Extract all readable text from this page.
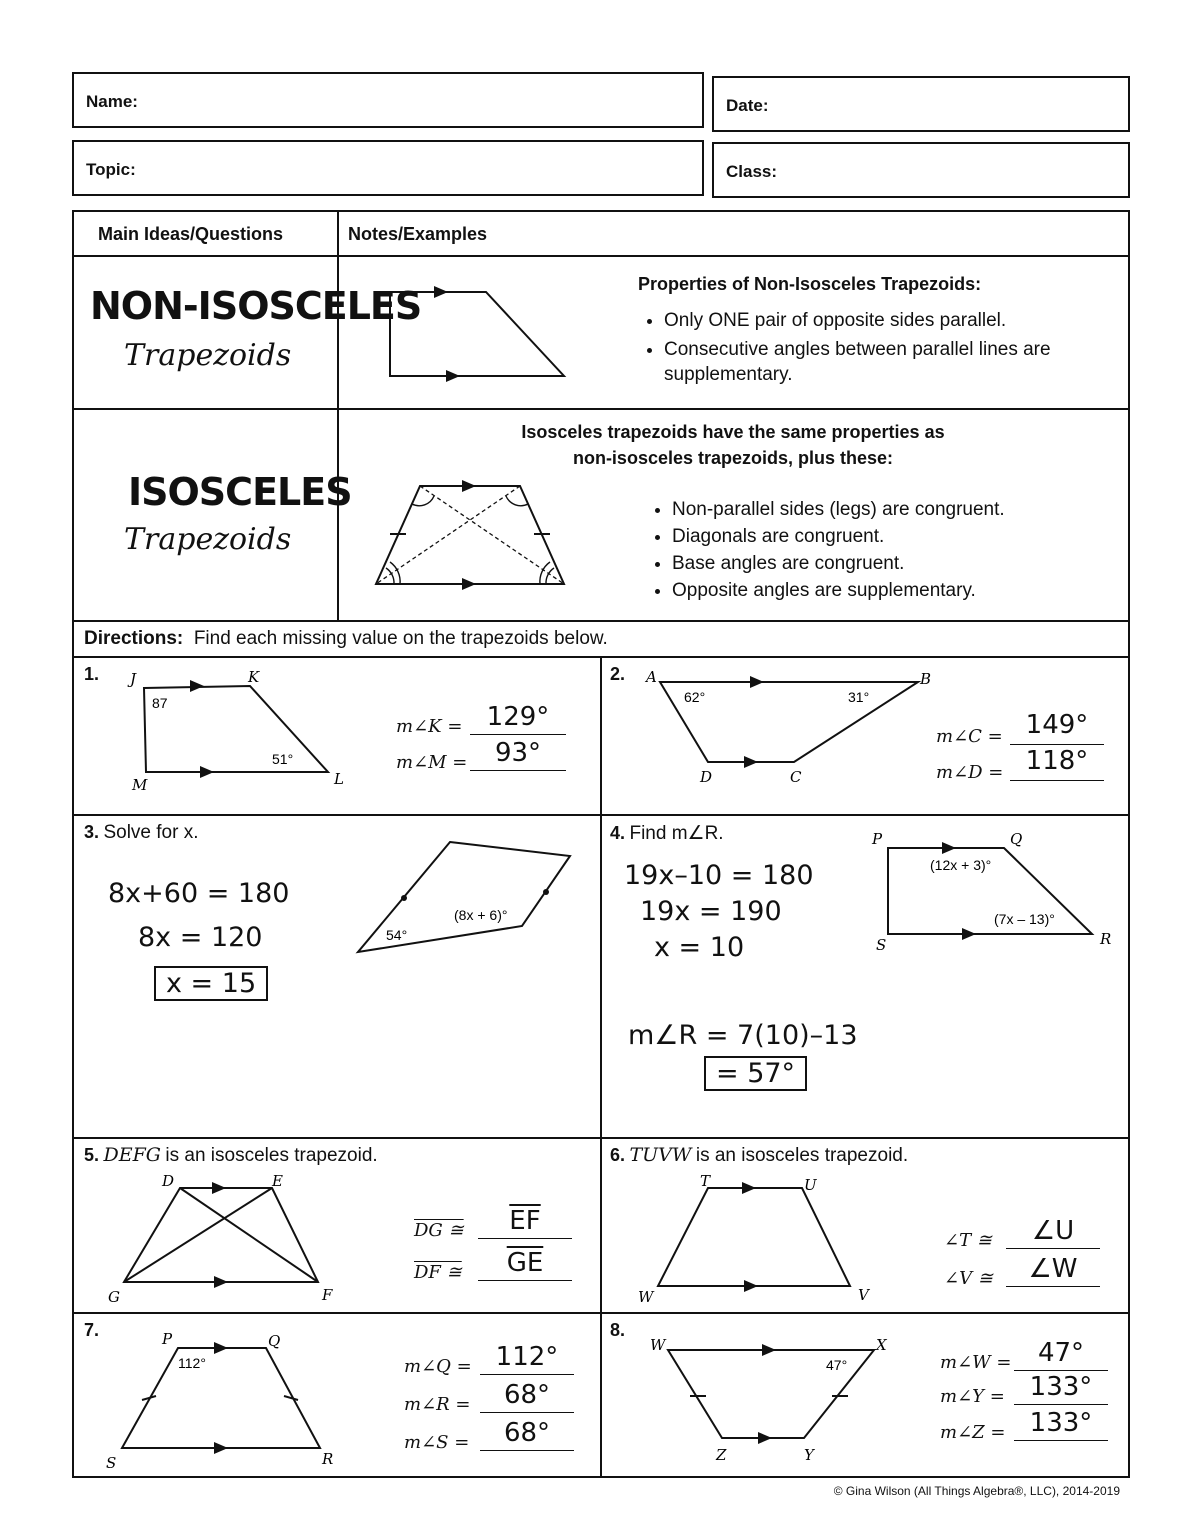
Name:	Date:
Topic:	Class:
Main Ideas/Questions	Notes/Examples
NON-ISOSCELES
Trapezoids
Properties of Non-Isosceles Trapezoids:
• Only ONE pair of opposite sides parallel.
• Consecutive angles between parallel lines are supplementary.
ISOSCELES
Trapezoids
Isosceles trapezoids have the same properties as
non-isosceles trapezoids, plus these:
• Non-parallel sides (legs) are congruent.
• Diagonals are congruent.
• Base angles are congruent.
• Opposite angles are supplementary.
Directions: Find each missing value on the trapezoids below.
1. J	K
L
M
87
51°
m∠K = 129°
m∠M =	93°
2. A	B
C
D
62°	31°
m∠C = 149°
m∠D = 118°
3. Solve for x.
8x+60 = 180
8x = 120
x = 15
54°
(8x + 6)°
4. Find m∠R.
19x–10 = 180
19x = 190
x = 10
m∠R = 7(10)–13
= 57°
P	Q
R
S
(12x + 3)°
(7x – 13)°
5. DEFG is an isosceles trapezoid.
D	E
F
G
DG ≅	$\overline{EF}$
DF ≅	$\overline{GE}$
6. TUVW is an isosceles trapezoid.
T	U
V
W
∠T ≅	∠U
∠V ≅	∠W
7.	P	Q
R
S
112°	m∠Q = 112°
m∠R =	68°
m∠S =	68°
8.
W	X
Y
Z
47°	m∠W =	47°
m∠Y = 133°
m∠Z = 133°
© Gina Wilson (All Things Algebra®, LLC), 2014-2019
